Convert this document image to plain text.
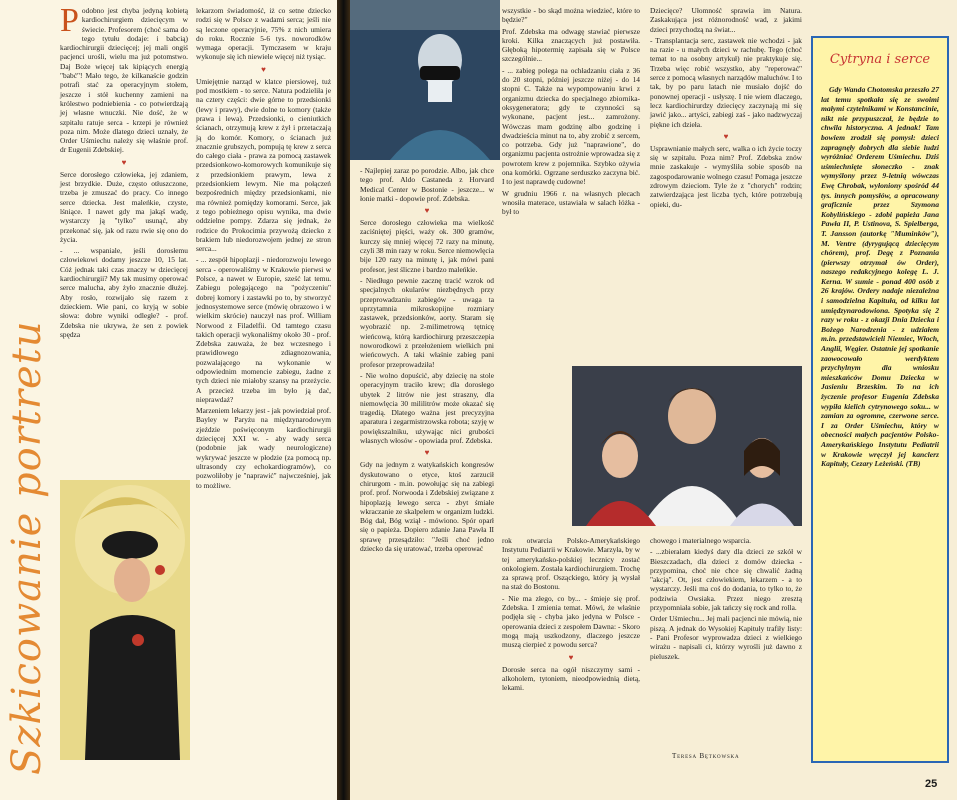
Szkicowanie portretu

Podobno jest chyba jedyną kobietą kardiochirurgiem dziecięcym w świecie. Profesorem (choć sama do tego tytułu dodaje: i babcią) kardiochirurgii dziecięcej; jej mali ongiś pacjenci urośli, wielu ma już potomstwo. Daj Boże więcej tak kipiących energią "babć"! Mało tego, że kilkanaście godzin potrafi stać za operacyjnym stołem, jeszcze i stół kuchenny zamieni na królestwo podniebienia - co potwierdzają jej własne wnuczki. Nie dość, że w szpitalu ratuje serca - krzepi je również poza nim. Może dlatego dzieci uznały, że Order Uśmiechu należy się właśnie prof. dr Eugenii Zdebskiej.

♥

Serce dorosłego człowieka, jej zdaniem, jest brzydkie. Duże, często otłuszczone, trzeba je zmuszać do pracy. Co innego serce dziecka. Jest maleńkie, czyste, lśniące. I nawet gdy ma jakąś wadę, wystarczy ją "tylko" usunąć, aby przekonać się, jak od razu rwie się ono do życia.

- ... wspaniale, jeśli dorosłemu człowiekowi dodamy jeszcze 10, 15 lat. Cóż jednak taki czas znaczy w dziecięcej kardiochirurgii? My tak musimy operować serce malucha, aby żyło znacznie dłużej. Aby rosło, rozwijało się razem z dzieckiem. Wie pani, co kryją w sobie słowa: dobre wyniki odległe? - prof. Zdebska nie ukrywa, że sen z powiek spędza

lekarzom świadomość, iż co setne dziecko rodzi się w Polsce z wadami serca; jeśli nie są leczone operacyjnie, 75% z nich umiera do roku. Rocznie 5-6 tys. noworodków wymaga operacji. Tymczasem w kraju wykonuje się ich niewiele więcej niż tysiąc.

♥

Umiejętnie narząd w klatce piersiowej, tuż pod mostkiem - to serce. Natura podzieliła je na cztery części: dwie górne to przedsionki (lewy i prawy), dwie dolne to komory (także prawa i lewa). Przedsionki, o cieniutkich ścianach, otrzymują krew z żył i przetaczają ją do komór. Komory, o ścianach już znacznie grubszych, pompują tę krew z serca do całego ciała - prawa za pomocą zastawek przedsionkowo-komorowych komunikuje się z przedsionkiem prawym, lewa z przedsionkiem lewym. Nie ma połączeń bezpośrednich między przedsionkami, nie ma również pomiędzy komorami. Serce, jak z tego pobieżnego opisu wynika, ma dwie oddzielne pompy. Zdarza się jednak, że rodzice do Prokocimia przywożą dziecko z brakiem lub niedorozwojem jednej ze stron serca...

- ... zespół hipoplazji - niedorozwoju lewego serca - operowaliśmy w Krakowie pierwsi w Polsce, a nawet w Europie, sześć lat temu. Zabiegu polegającego na "pożyczeniu" dobrej komory i zastawki po to, by stworzyć jednosystemowe serce (mówię obrazowo i w wielkim skrócie) nauczył nas prof. William Norwood z Filadelfii. Od tamtego czasu takich operacji wykonaliśmy około 30 - prof. Zdebska zauważa, że bez wczesnego i prawidłowego zdiagnozowania, pozwalającego na wykonanie w odpowiednim momencie zabiegu, żadne z tych dzieci nie miałoby szansy na przeżycie. A przecież trzeba im było ją dać, nieprawdaż?

Marzeniem lekarzy jest - jak powiedział prof. Bayley w Paryżu na międzynarodowym zjeździe poświęconym kardiochirurgii dziecięcej XXI w. - aby wady serca (podobnie jak wady neurologiczne) wykrywać jeszcze w płodzie (za pomocą np. ultrasondy czy echokardiogramów), co pozwoliłoby je "naprawić" najwcześniej, jak to możliwe.

- Najlepiej zaraz po porodzie. Albo, jak chce tego prof. Aldo Castaneda z Horvard Medical Center w Bostonie - jeszcze... w łonie matki - dopowie prof. Zdebska.

♥

Serce dorosłego człowieka ma wielkość zaciśniętej pięści, waży ok. 300 gramów, kurczy się mniej więcej 72 razy na minutę, czyli 38 min razy w roku. Serce niemowlęcia bije 120 razy na minutę i, jak mówi pani profesor, jest śliczne i bardzo maleńkie.

- Niedługo pewnie zacznę tracić wzrok od specjalnych okularów niezbędnych przy przeprowadzaniu zabiegów - uwaga ta uprzytamnia mikroskopijne rozmiary zastawek, przedsionków, aorty. Staram się wyobrazić np. 2-milimetrową tętnicę wieńcową, którą kardiochirurg przeszczepia noworodkowi z przełożeniem wielkich pni wieńcowych. A taki właśnie zabieg pani profesor przeprowadziła!

- Nie wolno dopuścić, aby dziecię na stole operacyjnym traciło krew; dla dorosłego ubytek 2 litrów nie jest straszny, dla niemowlęcia 30 mililitrów może okazać się tragedią. Dlatego ważna jest precyzyjna aparatura i zegarmistrzowska robota; szyję w powiększalniku, używając nici grubości własnych włosów - opowiada prof. Zdebska.

♥

Gdy na jednym z watykańskich kongresów dyskutowano o etyce, ktoś zarzucił chirurgom - m.in. powołując się na zabiegi prof. prof. Norwooda i Zdebskiej związane z hipoplazją lewego serca - zbyt śmiałe wkraczanie ze skalpelem w organizm ludzki. Bóg dał, Bóg wziął - mówiono. Spór oparł się o papieża. Dopiero zdanie Jana Pawła II sprawę przesądziło: "Jeśli choć jedno dziecko da się uratować, trzeba operować

wszystkie - bo skąd można wiedzieć, które to będzie?"

Prof. Zdebska ma odwagę stawiać pierwsze kroki. Kilka znaczących już postawiła. Głęboką hipotermię zapisała się w Polsce szczególnie...

- ... zabieg polega na ochładzaniu ciała z 36 do 20 stopni, później jeszcze niżej - do 14 stopni C. Także na wypompowaniu krwi z organizmu dziecka do specjalnego zbiornika-oksygeneratora; gdy te czynności są wykonane, pacjent jest... zamrożony. Wówczas mam godzinę albo godzinę i dwadzieścia minut na to, aby zrobić z sercem, co potrzeba. Gdy już "naprawione", do organizmu pacjenta ostrożnie wprowadza się z powrotem krew z pojemnika. Szybko ożywia ona komórki. Ogrzane serduszko zaczyna bić. I to jest naprawdę cudowne!

W grudniu 1966 r. na własnych plecach wnosiła materace, ustawiała w salach łóżka - był to

Dziecięce? Ułomność sprawia im Natura. Zaskakująca jest różnorodność wad, z jakimi dzieci przychodzą na świat...

- Transplantacja serc, zastawek nie wchodzi - jak na razie - u małych dzieci w rachubę. Tego (choć temat to na osobny artykuł) nie praktykuje się. Trzeba więc robić wszystko, aby "reperować" serce z pomocą własnych narządów maluchów. I to tak, by po paru latach nie musiało dojść do ponownej operacji - usłyszę. I nie wiem dlaczego, lecz kardiochirurdzy dziecięcy zaczynają mi się jawić jako... artyści, zabiegi zaś - jako nadzwyczaj piękne ich dzieła.

♥

Usprawnianie małych serc, walka o ich życie toczy się w szpitalu. Poza nim? Prof. Zdebska znów mnie zaskakuje - wymyśliła sobie sposób na zagospodarowanie wolnego czasu! Pomaga jeszcze zdrowym dzieciom. Tyle że z "chorych" rodzin; zatwierdzająca jest liczba tych, które potrzebują opieki, du-

rok otwarcia Polsko-Amerykańskiego Instytutu Pediatrii w Krakowie. Marzyła, by w tej amerykańsko-polskiej lecznicy zostać onkologiem. Została kardiochirurgiem. Trochę za sprawą prof. Osząckiego, który ją wysłał na staż do Bostonu.

- Nie ma złego, co by... - śmieje się prof. Zdebska. I zmienia temat. Mówi, że właśnie podjęła się - chyba jako jedyna w Polsce - operowania dzieci z zespołem Dawna: - Skoro mogą mają uszkodzony, dlaczego jeszcze muszą cierpieć z powodu serca?

♥

Dorosłe serca na ogół niszczymy sami - alkoholem, tytoniem, nieodpowiednią dietą, lekami.

chowego i materialnego wsparcia.

- ...zbierałam kiedyś dary dla dzieci ze szkół w Bieszczadach, dla dzieci z domów dziecka - przypomina, choć nie chce się chwalić żadną "akcją". Ot, jest człowiekiem, lekarzem - a to wystarczy. Jeśli ma coś do dodania, to tylko to, że podziwia Owsiaka. Przez niego zresztą przypomniała sobie, jak tańczy się rock and rolla.

Order Uśmiechu... Jej mali pacjenci nie mówią, nie piszą. A jednak do Wysokiej Kapituły trafiły listy: - Pani Profesor wyprowadza dzieci z wielkiego wirażu - napisali ci, którzy wyrośli już dawno z pieluszek.

Teresa Bętkowska
Cytryna i serce

Gdy Wanda Chotomska przeszło 27 lat temu spotkała się ze swoimi małymi czytelnikami w Konstancinie, nikt nie przypuszczał, że będzie to chwila historyczna. A jednak! Tam bowiem zrodził się pomysł: dzieci zapragnęły dobrych dla siebie ludzi wyróżniać Orderem Uśmiechu. Dziś uśmiechnięte słoneczko - znak wymyślony przez 9-letnią wówczas Ewę Chrobak, wyłoniony spośród 44 tys. innych pomysłów, a opracowany graficznie przez Szymona Kobylińskiego - zdobi papieża Jana Pawła II, P. Ustinova, S. Spielberga, T. Jansson (autorkę "Muminków"), M. Ventre (dyrygującą dziecięcym chórem), prof. Degę z Poznania (pierwszy otrzymał ów Order), naszego redakcyjnego kolegę L. J. Kernа. W sumie - ponad 400 osób z 26 krajów. Ordery nadaje niezależna i samodzielna Kapituła, od kilku lat umiędzynarodowiona. Spotyka się 2 razy w roku - z okazji Dnia Dziecka i Bożego Narodzenia - z udziałem m.in. przedstawicieli Niemiec, Włoch, Anglii, Węgier. Ostatnie jej spotkanie zaowocowało werdyktem przychylnym dla wniosku mieszkańców Domu Dziecka w Jasieniu Brzeskim. To na ich życzenie profesor Eugenia Zdebska wypiła kielich cytrynowego soku... w zamian za ogromne, czerwone serce. I za Order Uśmiechu, który w obecności małych pacjentów Polsko-Amerykańskiego Instytutu Pediatrii w Krakowie wręczył jej kanclerz Kapituły, Cezary Leżeński. (TB)

25
